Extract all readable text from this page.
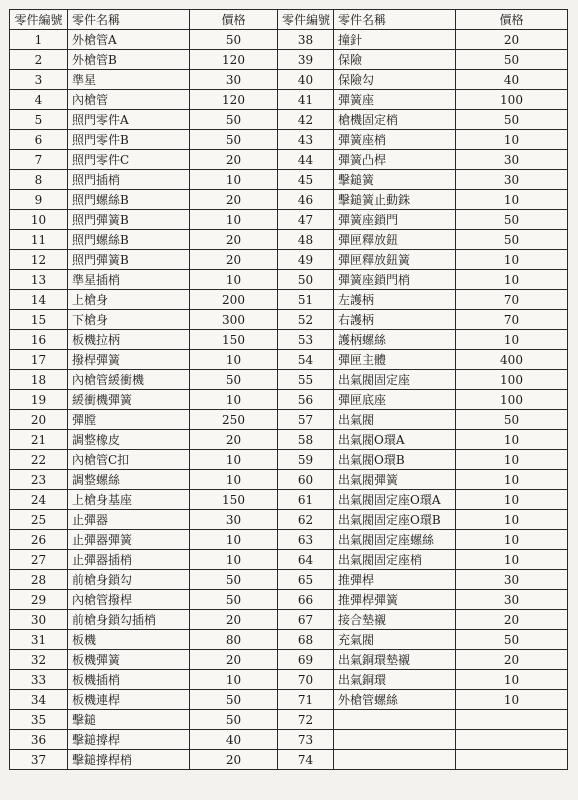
零件編號	零件名稱	價格	零件編號	零件名稱	價格
1	外槍管A	50	38	撞針	20
2	外槍管B	120	39	保險	50
3	準星	30	40	保險勾	40
4	內槍管	120	41	彈簧座	100
5	照門零件A	50	42	槍機固定梢	50
6	照門零件B	50	43	彈簧座梢	10
7	照門零件C	20	44	彈簧凸桿	30
8	照門插梢	10	45	擊鎚簧	30
9	照門螺絲B	20	46	擊鎚簧止動銖	10
10	照門彈簧B	10	47	彈簧座鎖門	50
11	照門螺絲B	20	48	彈匣釋放鈕	50
12	照門彈簧B	20	49	彈匣釋放鈕簧	10
13	準星插梢	10	50	彈簧座鎖門梢	10
14	上槍身	200	51	左護柄	70
15	下槍身	300	52	右護柄	70
16	板機拉柄	150	53	護柄螺絲	10
17	撥桿彈簧	10	54	彈匣主體	400
18	內槍管緩衝機	50	55	出氣閥固定座	100
19	緩衝機彈簧	10	56	彈匣底座	100
20	彈膛	250	57	出氣閥	50
21	調整橡皮	20	58	出氣閥O環A	10
22	內槍管C扣	10	59	出氣閥O環B	10
23	調整螺絲	10	60	出氣閥彈簧	10
24	上槍身基座	150	61	出氣閥固定座O環A	10
25	止彈器	30	62	出氣閥固定座O環B	10
26	止彈器彈簧	10	63	出氣閥固定座螺絲	10
27	止彈器插梢	10	64	出氣閥固定座梢	10
28	前槍身鎖勾	50	65	推彈桿	30
29	內槍管撥桿	50	66	推彈桿彈簧	30
30	前槍身鎖勾插梢	20	67	接合墊襯	20
31	板機	80	68	充氣閥	50
32	板機彈簧	20	69	出氣銅環墊襯	20
33	板機插梢	10	70	出氣銅環	10
34	板機連桿	50	71	外槍管螺絲	10
35	擊鎚	50	72		
36	擊鎚撐桿	40	73		
37	擊鎚撐桿梢	20	74		
